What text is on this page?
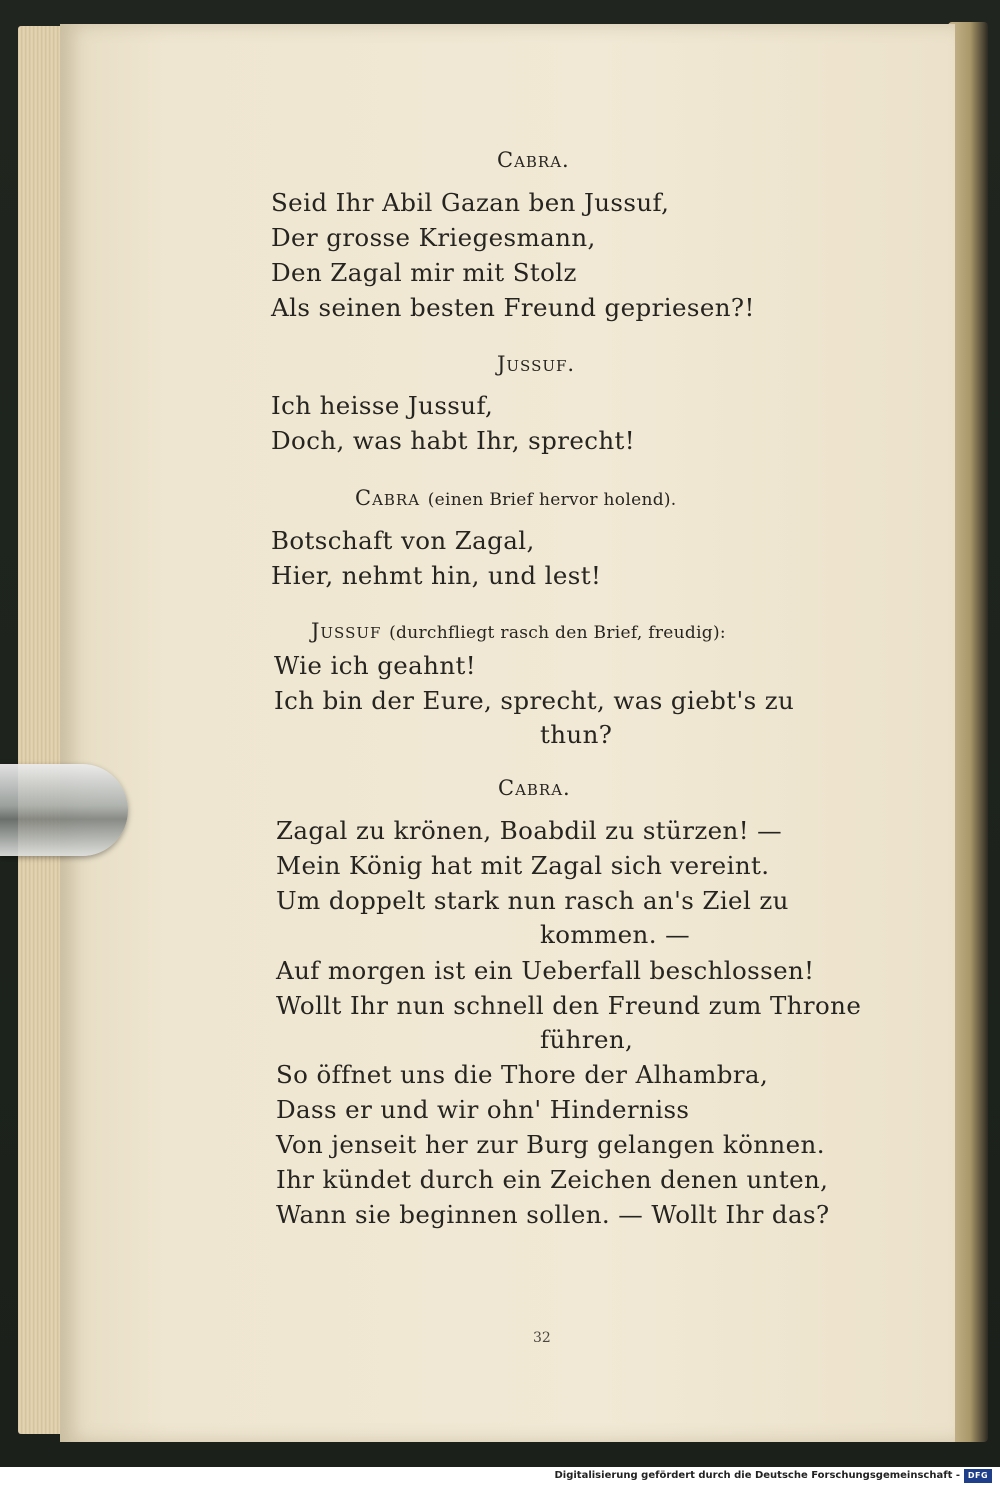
Cabra.
Seid Ihr Abil Gazan ben Jussuf,
Der grosse Kriegesmann,
Den Zagal mir mit Stolz
Als seinen besten Freund gepriesen?!
Jussuf.
Ich heisse Jussuf,
Doch, was habt Ihr, sprecht!
Cabra (einen Brief hervor holend).
Botschaft von Zagal,
Hier, nehmt hin, und lest!
Jussuf (durchfliegt rasch den Brief, freudig):
Wie ich geahnt!
Ich bin der Eure, sprecht, was giebt's zu
thun?
Cabra.
Zagal zu krönen, Boabdil zu stürzen! —
Mein König hat mit Zagal sich vereint.
Um doppelt stark nun rasch an's Ziel zu
kommen. —
Auf morgen ist ein Ueberfall beschlossen!
Wollt Ihr nun schnell den Freund zum Throne
führen,
So öffnet uns die Thore der Alhambra,
Dass er und wir ohn' Hinderniss
Von jenseit her zur Burg gelangen können.
Ihr kündet durch ein Zeichen denen unten,
Wann sie beginnen sollen. — Wollt Ihr das?
32
Digitalisierung gefördert durch die Deutsche Forschungsgemeinschaft - DFG
